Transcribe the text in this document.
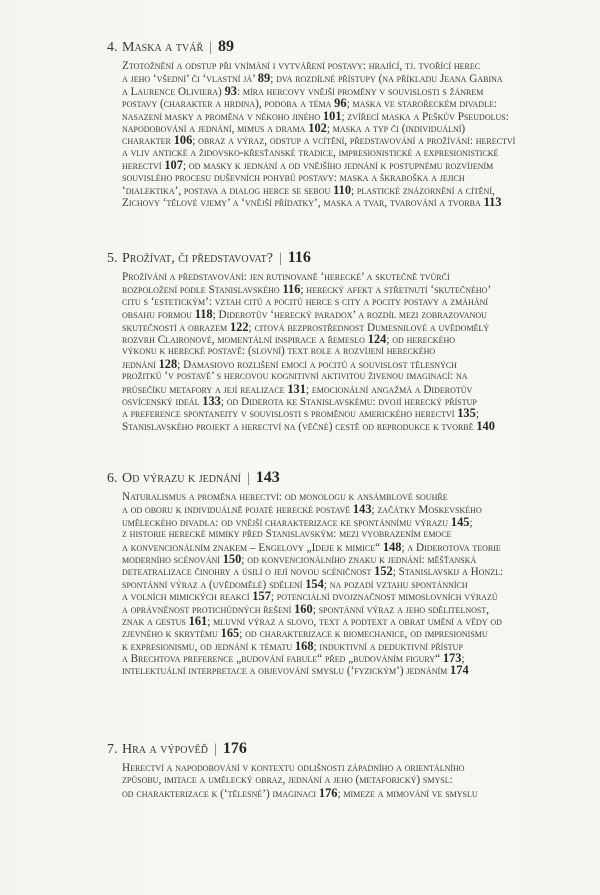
4. Maska a tvář | 89
Ztotožnění a odstup při vnímání i vytváření postavy: hrající, tj. tvořící herec
a jeho ‘všední’ či ‘vlastní já’ 89; dva rozdílné přístupy (na příkladu Jeana Gabina
a Laurence Oliviera) 93: míra hercovy vnější proměny v souvislosti s žánrem
postavy (charakter a hrdina), podoba a téma 96; maska ve starořeckém divadle:
nasazení masky a proměna v někoho jiného 101; zvířecí maska a Peškův Pseudolus:
napodobování a jednání, mimus a drama 102; maska a typ či (individuální)
charakter 106; obraz a výraz, odstup a vcítění, představování a prožívání: herectví
a vliv antické a židovsko-křesťanské tradice, impresionistické a expresionistické
herectví 107; od masky k jednání a od vnějšího jednání k postupnému rozvíjením
souvislého procesu duševních pohybů postavy: maska a škraboška a jejich
‘dialektika’, postava a dialog herce se sebou 110; plastické znázornění a cítění,
Zichovy ‘tělové vjemy’ a ‘vnější přídatky’, maska a tvar, tvarování a tvorba 113
5. Prožívat, či představovat? | 116
Prožívání a představování: jen rutinovaně ‘herecké’ a skutečně tvůrčí
rozpoložení podle Stanislavského 116; herecký afekt a střetnutí ‘skutečného’
citu s ‘estetickým’: vztah citů a pocitů herce s city a pocity postavy a zmáhání
obsahu formou 118; Diderotův ‘herecký paradox’ a rozdíl mezi zobrazovanou
skutečností a obrazem 122; citová bezprostřednost Dumesnilové a uvědomělý
rozvrh Claironové, momentální inspirace a řemeslo 124; od hereckého
výkonu k herecké postavě: (slovní) text role a rozvíjení hereckého
jednání 128; Damasiovo rozlišení emocí a pocitů a souvislost tělesných
prožitků ‘v postavě’ s hercovou kognitivní aktivitou živenou imaginací: na
průsečíku metafory a její realizace 131; emocionální angažmá a Diderotův
osvícenský ideál 133; od Diderota ke Stanislavskému: dvojí herecký přístup
a preference spontaneity v souvislosti s proměnou amerického herectví 135;
Stanislavského projekt a herectví na (věčné) cestě od reprodukce k tvorbě 140
6. Od výrazu k jednání | 143
Naturalismus a proměna herectví: od monologu k ansámblové souhře
a od oboru k individuálně pojaté herecké postavě 143; začátky Moskevského
uměleckého divadla: od vnější charakterizace ke spontánnímu výrazu 145;
z historie herecké mimiky před Stanislavským: mezi vyobrazením emoce
a konvencionálním znakem – Engelovy „Ideje k mimice“ 148; a Diderotova teorie
moderního scénování 150; od konvencionálního znaku k jednání: měšťanská
deteatralizace činohry a úsilí o její novou scéničnost 152; Stanislavskij a Honzl:
spontánní výraz a (uvědomělé) sdělení 154; na pozadí vztahu spontánních
a volních mimických reakcí 157; potenciální dvojznačnost mimoslovních výrazů
a oprávněnost protichůdných řešení 160; spontánní výraz a jeho sdělitelnost,
znak a gestus 161; mluvní výraz a slovo, text a podtext a obrat umění a vědy od
zjevného k skrytému 165; od charakterizace k biomechanice, od impresionismu
k expresionismu, od jednání k tématu 168; induktivní a deduktivní přístup
a Brechtova preference „budování fabule“ před „budováním figury“ 173;
intelektuální interpretace a objevování smyslu (‘fyzickým’) jednáním 174
7. Hra a výpověď | 176
Herectví a napodobování v kontextu odlišnosti západního a orientálního
způsobu, imitace a umělecký obraz, jednání a jeho (metaforický) smysl:
od charakterizace k (‘tělesné’) imaginaci 176; mimeze a mimování ve smyslu
